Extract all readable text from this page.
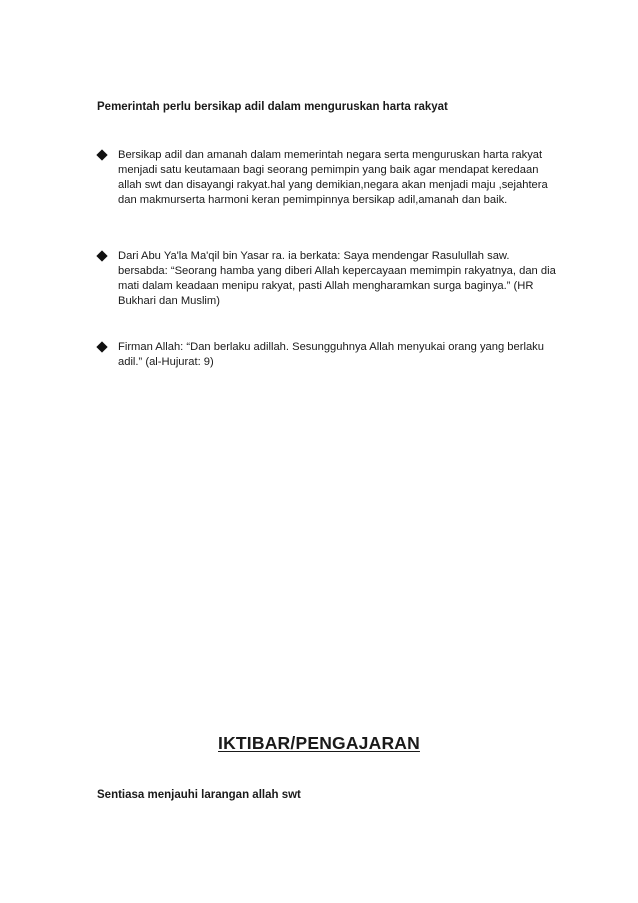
Pemerintah perlu bersikap adil dalam menguruskan harta rakyat

Bersikap adil dan amanah dalam memerintah negara serta menguruskan harta rakyat menjadi satu keutamaan bagi seorang pemimpin yang baik agar mendapat keredaan allah swt dan disayangi rakyat.hal yang demikian,negara akan menjadi maju ,sejahtera dan makmurserta harmoni keran pemimpinnya bersikap adil,amanah dan baik.
Dari Abu Ya'la Ma'qil bin Yasar ra. ia berkata: Saya mendengar Rasulullah saw. bersabda: “Seorang hamba yang diberi Allah kepercayaan memimpin rakyatnya, dan dia mati dalam keadaan menipu rakyat, pasti Allah mengharamkan surga baginya.” (HR Bukhari dan Muslim)
Firman Allah: “Dan berlaku adillah. Sesungguhnya Allah menyukai orang yang berlaku adil.” (al-Hujurat: 9)
IKTIBAR/PENGAJARAN

Sentiasa menjauhi larangan allah swt
